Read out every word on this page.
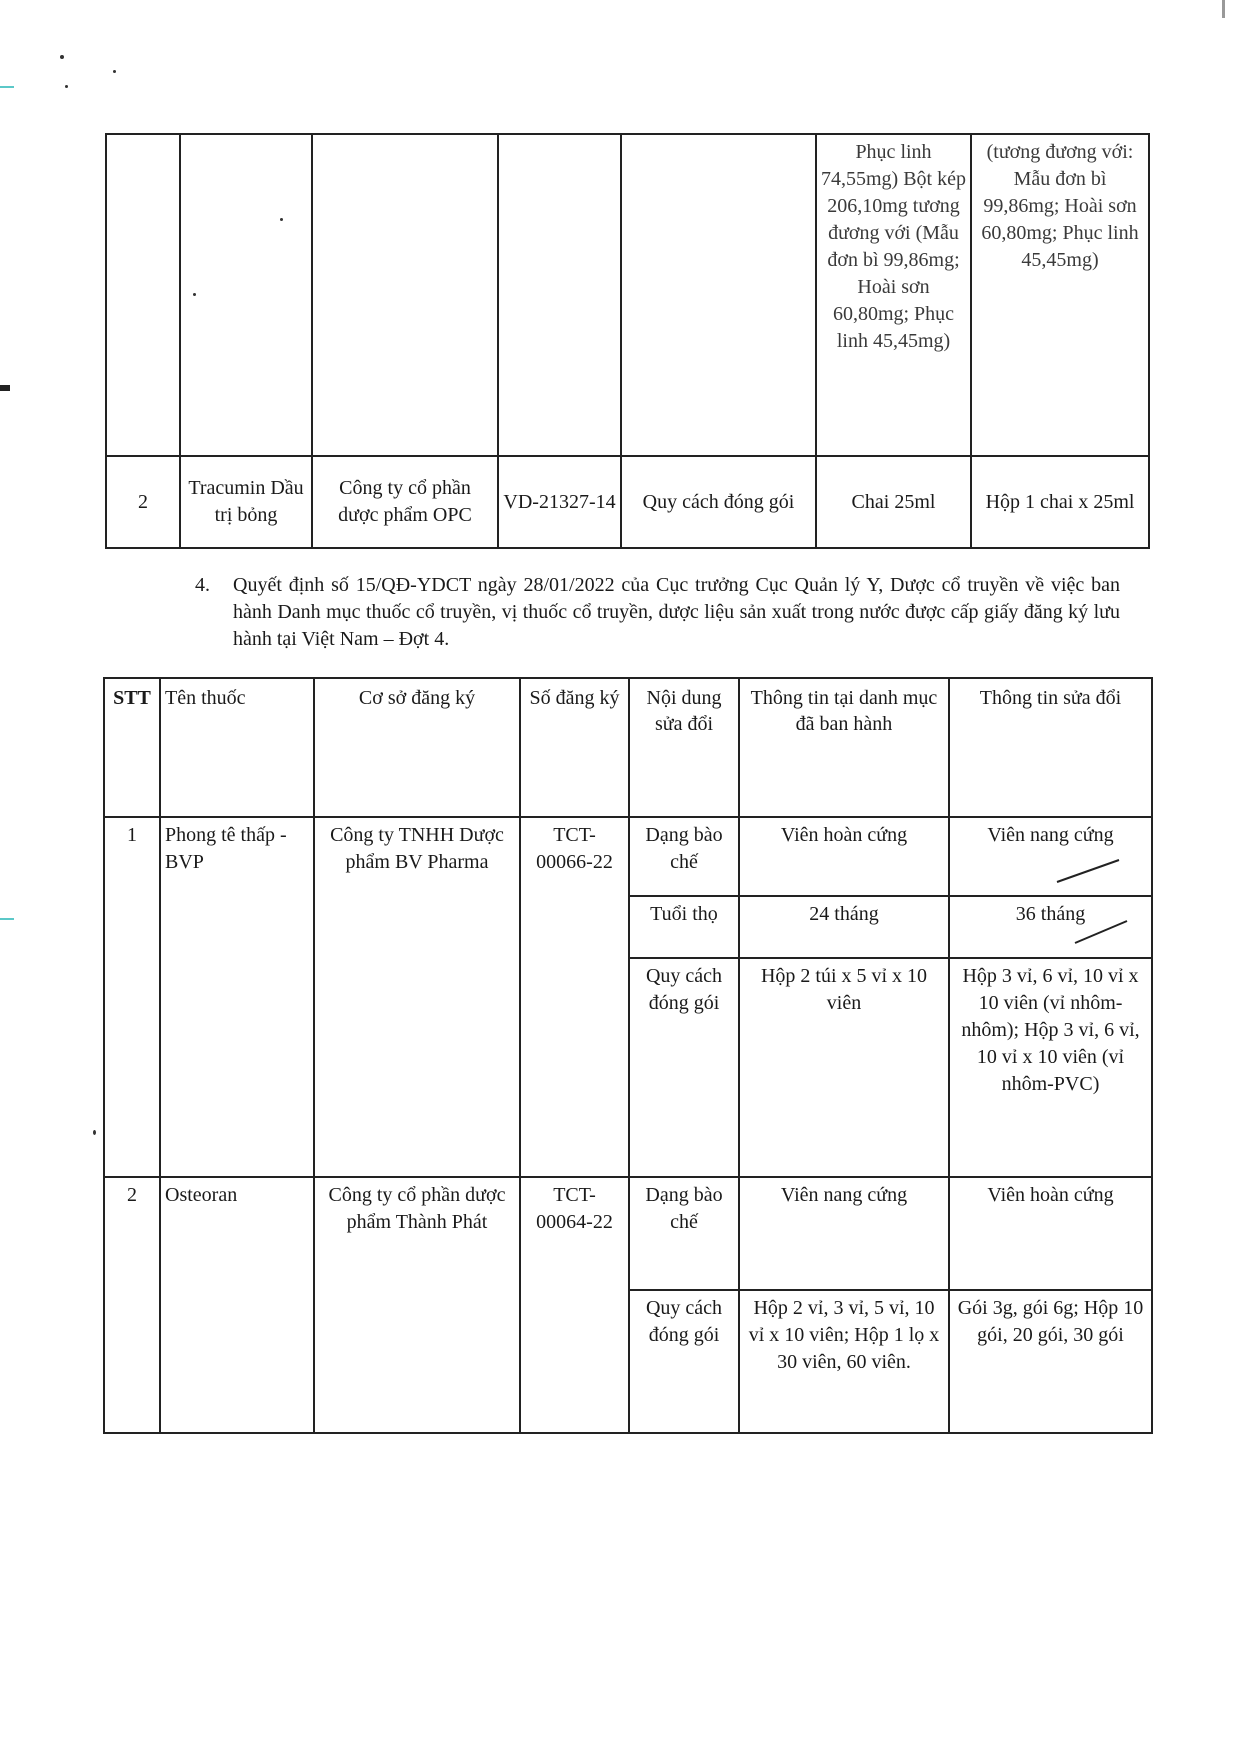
					Phục linh 74,55mg) Bột kép 206,10mg tương đương với (Mẫu đơn bì 99,86mg; Hoài sơn 60,80mg; Phục linh 45,45mg)	(tương đương với: Mẫu đơn bì 99,86mg; Hoài sơn 60,80mg; Phục linh 45,45mg)
2	Tracumin Dầu trị bỏng	Công ty cổ phần dược phẩm OPC	VD-21327-14	Quy cách đóng gói	Chai 25ml	Hộp 1 chai x 25ml
4.	Quyết định số 15/QĐ-YDCT ngày 28/01/2022 của Cục trưởng Cục Quản lý Y, Dược cổ truyền về việc ban hành Danh mục thuốc cổ truyền, vị thuốc cổ truyền, dược liệu sản xuất trong nước được cấp giấy đăng ký lưu hành tại Việt Nam – Đợt 4.
STT	Tên thuốc	Cơ sở đăng ký	Số đăng ký	Nội dung sửa đổi	Thông tin tại danh mục đã ban hành	Thông tin sửa đổi
1	Phong tê thấp - BVP	Công ty TNHH Dược phẩm BV Pharma	TCT-00066-22	Dạng bào chế	Viên hoàn cứng	Viên nang cứng

				Tuổi thọ	24 tháng	36 tháng

				Quy cách đóng gói	Hộp 2 túi x 5 vỉ x 10 viên	Hộp 3 vỉ, 6 vỉ, 10 vỉ x 10 viên (vỉ nhôm-nhôm); Hộp 3 vỉ, 6 vỉ, 10 vỉ x 10 viên (vỉ nhôm-PVC)
2	Osteoran	Công ty cổ phần dược phẩm Thành Phát	TCT-00064-22	Dạng bào chế	Viên nang cứng	Viên hoàn cứng
				Quy cách đóng gói	Hộp 2 vỉ, 3 vỉ, 5 vỉ, 10 vỉ x 10 viên; Hộp 1 lọ x 30 viên, 60 viên.	Gói 3g, gói 6g; Hộp 10 gói, 20 gói, 30 gói
